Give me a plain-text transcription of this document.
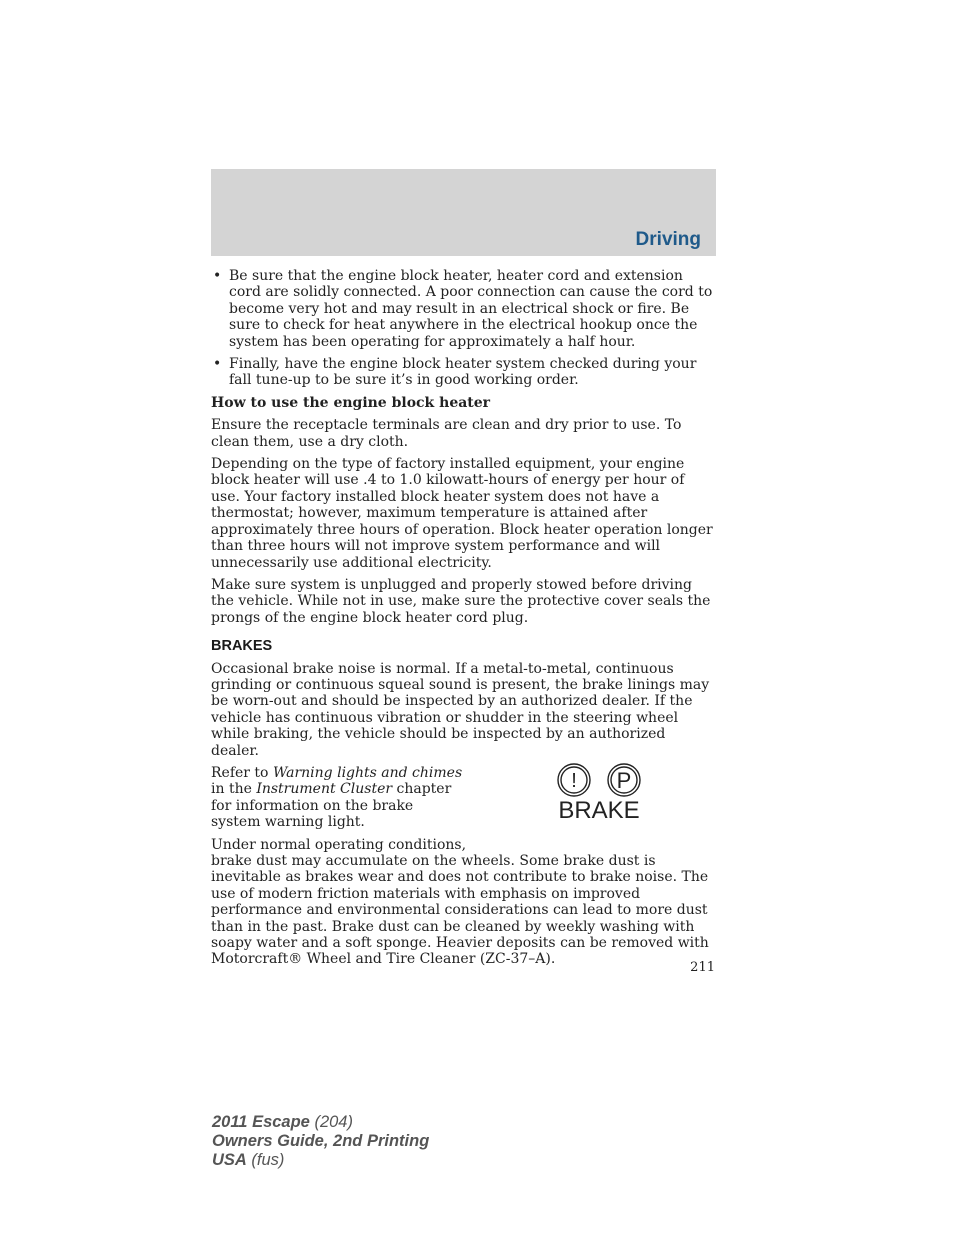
Driving
• Be sure that the engine block heater, heater cord and extension cord are solidly connected. A poor connection can cause the cord to become very hot and may result in an electrical shock or fire. Be sure to check for heat anywhere in the electrical hookup once the system has been operating for approximately a half hour.
• Finally, have the engine block heater system checked during your fall tune-up to be sure it’s in good working order.

How to use the engine block heater

Ensure the receptacle terminals are clean and dry prior to use. To clean them, use a dry cloth.

Depending on the type of factory installed equipment, your engine block heater will use .4 to 1.0 kilowatt-hours of energy per hour of use. Your factory installed block heater system does not have a thermostat; however, maximum temperature is attained after approximately three hours of operation. Block heater operation longer than three hours will not improve system performance and will unnecessarily use additional electricity.

Make sure system is unplugged and properly stowed before driving the vehicle. While not in use, make sure the protective cover seals the prongs of the engine block heater cord plug.

BRAKES

Occasional brake noise is normal. If a metal-to-metal, continuous grinding or continuous squeal sound is present, the brake linings may be worn-out and should be inspected by an authorized dealer. If the vehicle has continuous vibration or shudder in the steering wheel while braking, the vehicle should be inspected by an authorized dealer.

Refer to Warning lights and chimes in the Instrument Cluster chapter for information on the brake system warning light.

! P
BRAKE

Under normal operating conditions,
brake dust may accumulate on the wheels. Some brake dust is inevitable as brakes wear and does not contribute to brake noise. The use of modern friction materials with emphasis on improved performance and environmental considerations can lead to more dust than in the past. Brake dust can be cleaned by weekly washing with soapy water and a soft sponge. Heavier deposits can be removed with Motorcraft® Wheel and Tire Cleaner (ZC-37–A).

211
2011 Escape (204)
Owners Guide, 2nd Printing
USA (fus)
